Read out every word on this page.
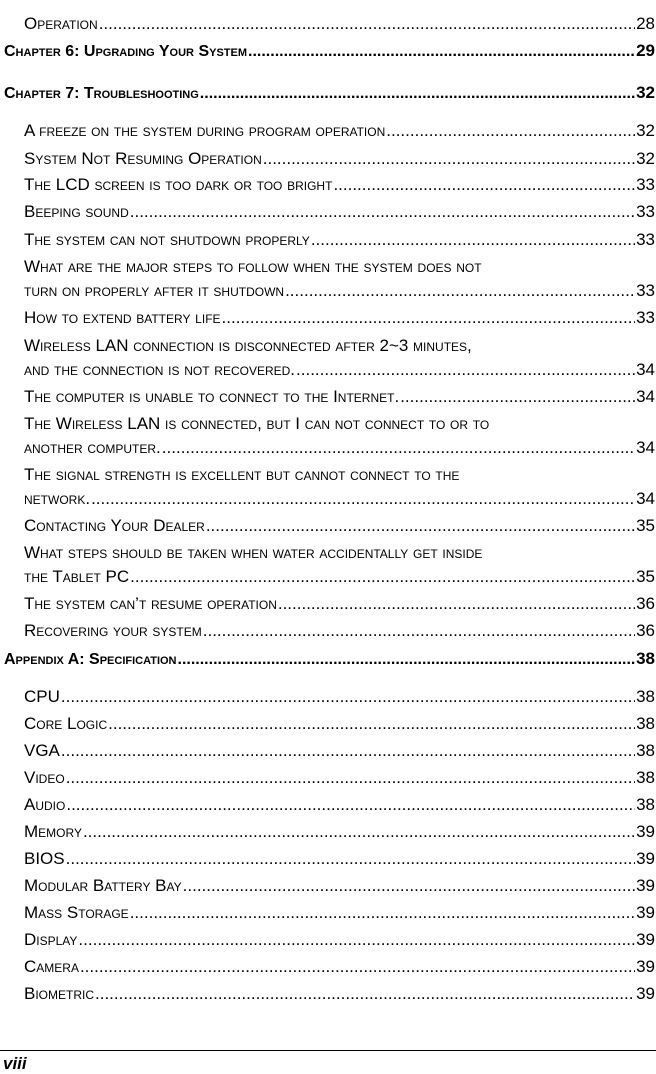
Operation .....	28
Chapter 6: Upgrading Your System .....	29
Chapter 7: Troubleshooting .....	32
A freeze on the system during program operation .....	32
System Not Resuming Operation .....	32
The LCD screen is too dark or too bright .....	33
Beeping sound .....	33
The system can not shutdown properly .....	33
What are the major steps to follow when the system does not
turn on properly after it shutdown .....	33
How to extend battery life .....	33
Wireless LAN connection is disconnected after 2~3 minutes,
and the connection is not recovered. .....	34
The computer is unable to connect to the Internet. .....	34
The Wireless LAN is connected, but I can not connect to or to
another computer. .....	34
The signal strength is excellent but cannot connect to the
network. .....	34
Contacting Your Dealer .....	35
What steps should be taken when water accidentally get inside
the Tablet PC .....	35
The system can’t resume operation .....	36
Recovering your system .....	36
Appendix A: Specification .....	38
CPU .....	38
Core Logic .....	38
VGA .....	38
Video .....	38
Audio .....	38
Memory .....	39
BIOS .....	39
Modular Battery Bay .....	39
Mass Storage .....	39
Display .....	39
Camera .....	39
Biometric .....	39
viii
